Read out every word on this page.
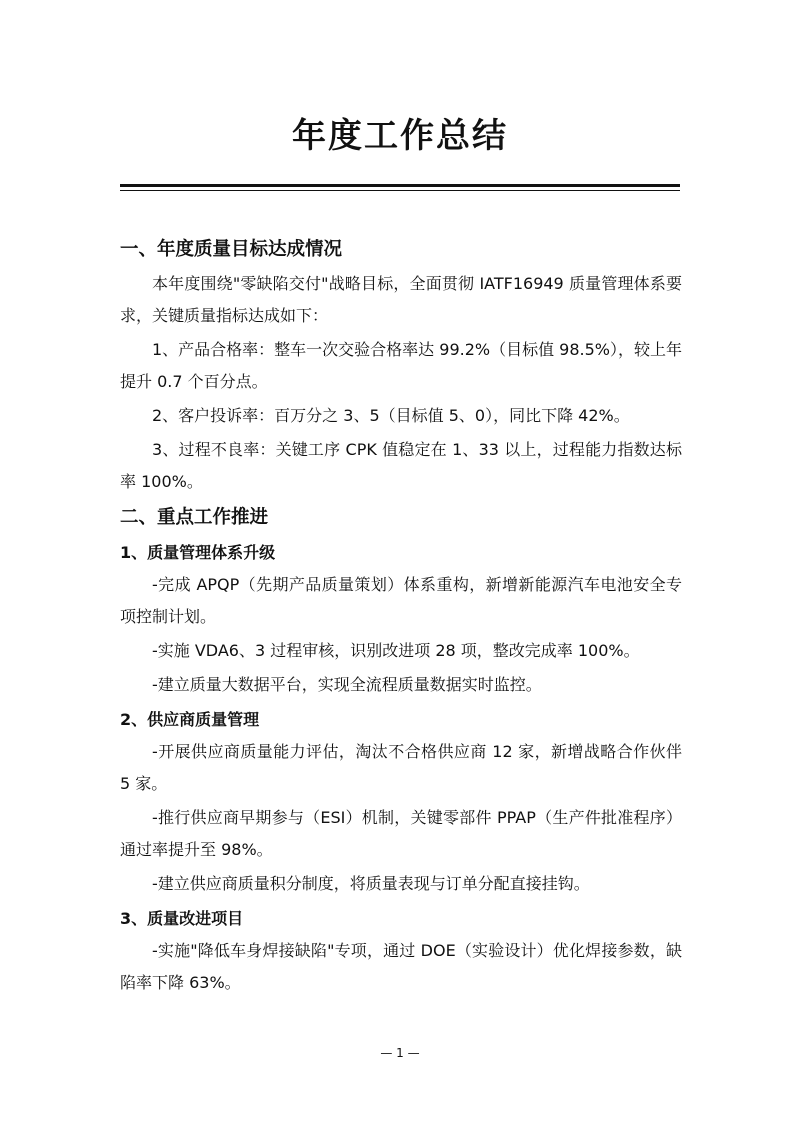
年度工作总结
一、年度质量目标达成情况

本年度围绕"零缺陷交付"战略目标，全面贯彻 IATF16949 质量管理体系要求，关键质量指标达成如下：

1、产品合格率：整车一次交验合格率达 99.2%（目标值 98.5%），较上年提升 0.7 个百分点。

2、客户投诉率：百万分之 3、5（目标值 5、0），同比下降 42%。

3、过程不良率：关键工序 CPK 值稳定在 1、33 以上，过程能力指数达标率 100%。

二、重点工作推进
1、质量管理体系升级

-完成 APQP（先期产品质量策划）体系重构，新增新能源汽车电池安全专项控制计划。

-实施 VDA6、3 过程审核，识别改进项 28 项，整改完成率 100%。

-建立质量大数据平台，实现全流程质量数据实时监控。

2、供应商质量管理

-开展供应商质量能力评估，淘汰不合格供应商 12 家，新增战略合作伙伴 5 家。

-推行供应商早期参与（ESI）机制，关键零部件 PPAP（生产件批准程序）通过率提升至 98%。

-建立供应商质量积分制度，将质量表现与订单分配直接挂钩。

3、质量改进项目

-实施"降低车身焊接缺陷"专项，通过 DOE（实验设计）优化焊接参数，缺陷率下降 63%。

— 1 —
